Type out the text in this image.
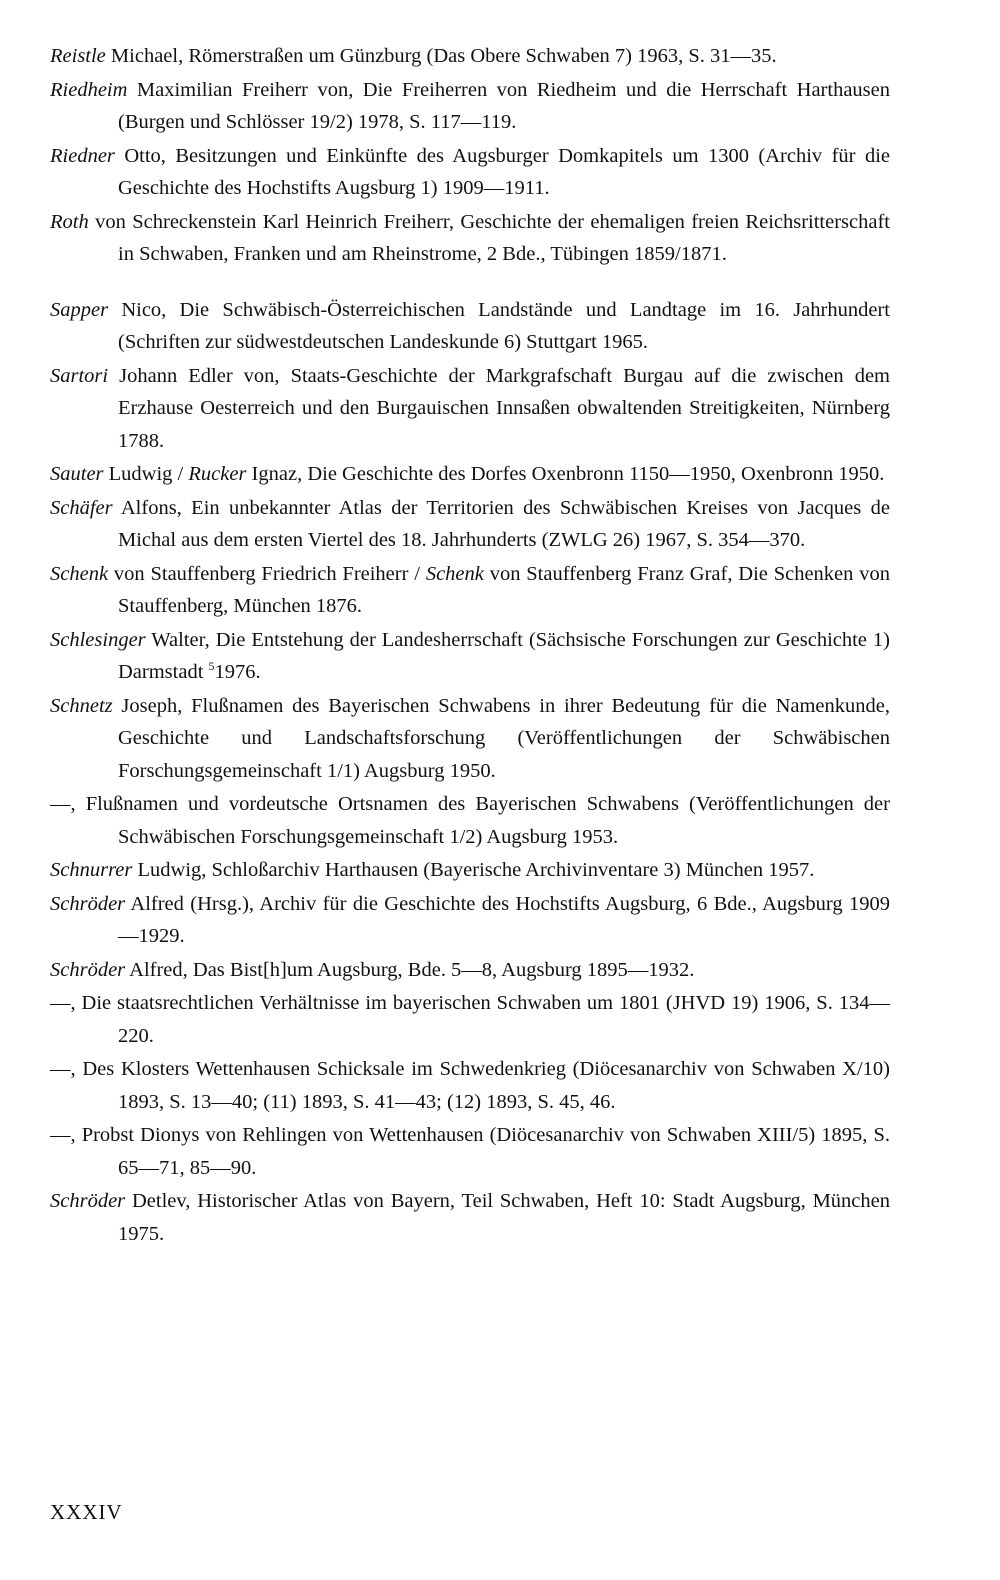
Reistle Michael, Römerstraßen um Günzburg (Das Obere Schwaben 7) 1963, S. 31—35.

Riedheim Maximilian Freiherr von, Die Freiherren von Riedheim und die Herrschaft Harthausen (Burgen und Schlösser 19/2) 1978, S. 117—119.

Riedner Otto, Besitzungen und Einkünfte des Augsburger Domkapitels um 1300 (Archiv für die Geschichte des Hochstifts Augsburg 1) 1909—1911.

Roth von Schreckenstein Karl Heinrich Freiherr, Geschichte der ehemaligen freien Reichsritterschaft in Schwaben, Franken und am Rheinstrome, 2 Bde., Tübingen 1859/1871.

Sapper Nico, Die Schwäbisch-Österreichischen Landstände und Landtage im 16. Jahrhundert (Schriften zur südwestdeutschen Landeskunde 6) Stuttgart 1965.

Sartori Johann Edler von, Staats-Geschichte der Markgrafschaft Burgau auf die zwischen dem Erzhause Oesterreich und den Burgauischen Innsaßen obwaltenden Streitigkeiten, Nürnberg 1788.

Sauter Ludwig / Rucker Ignaz, Die Geschichte des Dorfes Oxenbronn 1150—1950, Oxenbronn 1950.

Schäfer Alfons, Ein unbekannter Atlas der Territorien des Schwäbischen Kreises von Jacques de Michal aus dem ersten Viertel des 18. Jahrhunderts (ZWLG 26) 1967, S. 354—370.

Schenk von Stauffenberg Friedrich Freiherr / Schenk von Stauffenberg Franz Graf, Die Schenken von Stauffenberg, München 1876.

Schlesinger Walter, Die Entstehung der Landesherrschaft (Sächsische Forschungen zur Geschichte 1) Darmstadt $^5$1976.

Schnetz Joseph, Flußnamen des Bayerischen Schwabens in ihrer Bedeutung für die Namenkunde, Geschichte und Landschaftsforschung (Veröffentlichungen der Schwäbischen Forschungsgemeinschaft 1/1) Augsburg 1950.

—, Flußnamen und vordeutsche Ortsnamen des Bayerischen Schwabens (Veröffentlichungen der Schwäbischen Forschungsgemeinschaft 1/2) Augsburg 1953.

Schnurrer Ludwig, Schloßarchiv Harthausen (Bayerische Archivinventare 3) München 1957.

Schröder Alfred (Hrsg.), Archiv für die Geschichte des Hochstifts Augsburg, 6 Bde., Augsburg 1909—1929.

Schröder Alfred, Das Bist[h]um Augsburg, Bde. 5—8, Augsburg 1895—1932.

—, Die staatsrechtlichen Verhältnisse im bayerischen Schwaben um 1801 (JHVD 19) 1906, S. 134—220.

—, Des Klosters Wettenhausen Schicksale im Schwedenkrieg (Diöcesanarchiv von Schwaben X/10) 1893, S. 13—40; (11) 1893, S. 41—43; (12) 1893, S. 45, 46.

—, Probst Dionys von Rehlingen von Wettenhausen (Diöcesanarchiv von Schwaben XIII/5) 1895, S. 65—71, 85—90.

Schröder Detlev, Historischer Atlas von Bayern, Teil Schwaben, Heft 10: Stadt Augsburg, München 1975.

XXXIV
